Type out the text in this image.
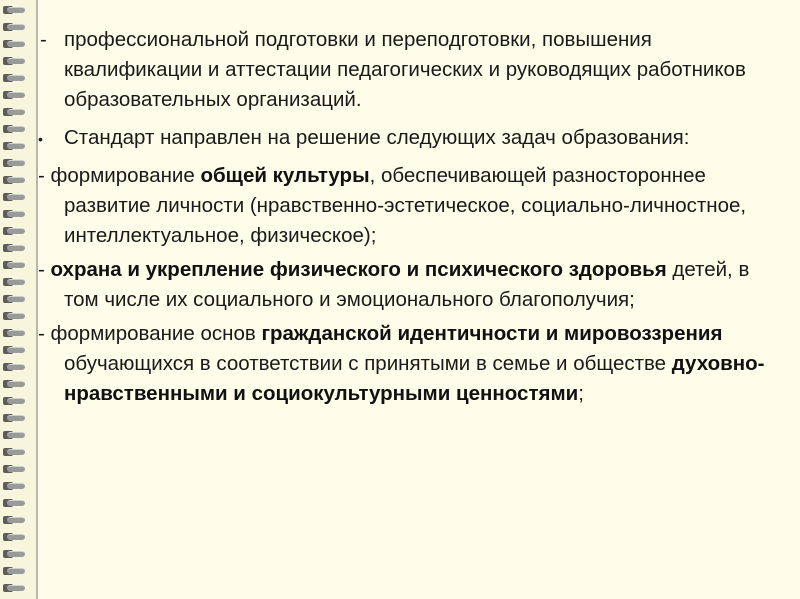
- профессиональной подготовки и переподготовки, повышения квалификации и аттестации педагогических и руководящих работников образовательных организаций.
•	Стандарт направлен на решение следующих задач образования:
- формирование общей культуры, обеспечивающей разностороннее развитие личности (нравственно-эстетическое, социально-личностное, интеллектуальное, физическое);
- охрана и укрепление физического и психического здоровья детей, в том числе их социального и эмоционального благополучия;
- формирование основ гражданской идентичности и мировоззрения обучающихся в соответствии с принятыми в семье и обществе духовно-нравственными и социокультурными ценностями;
